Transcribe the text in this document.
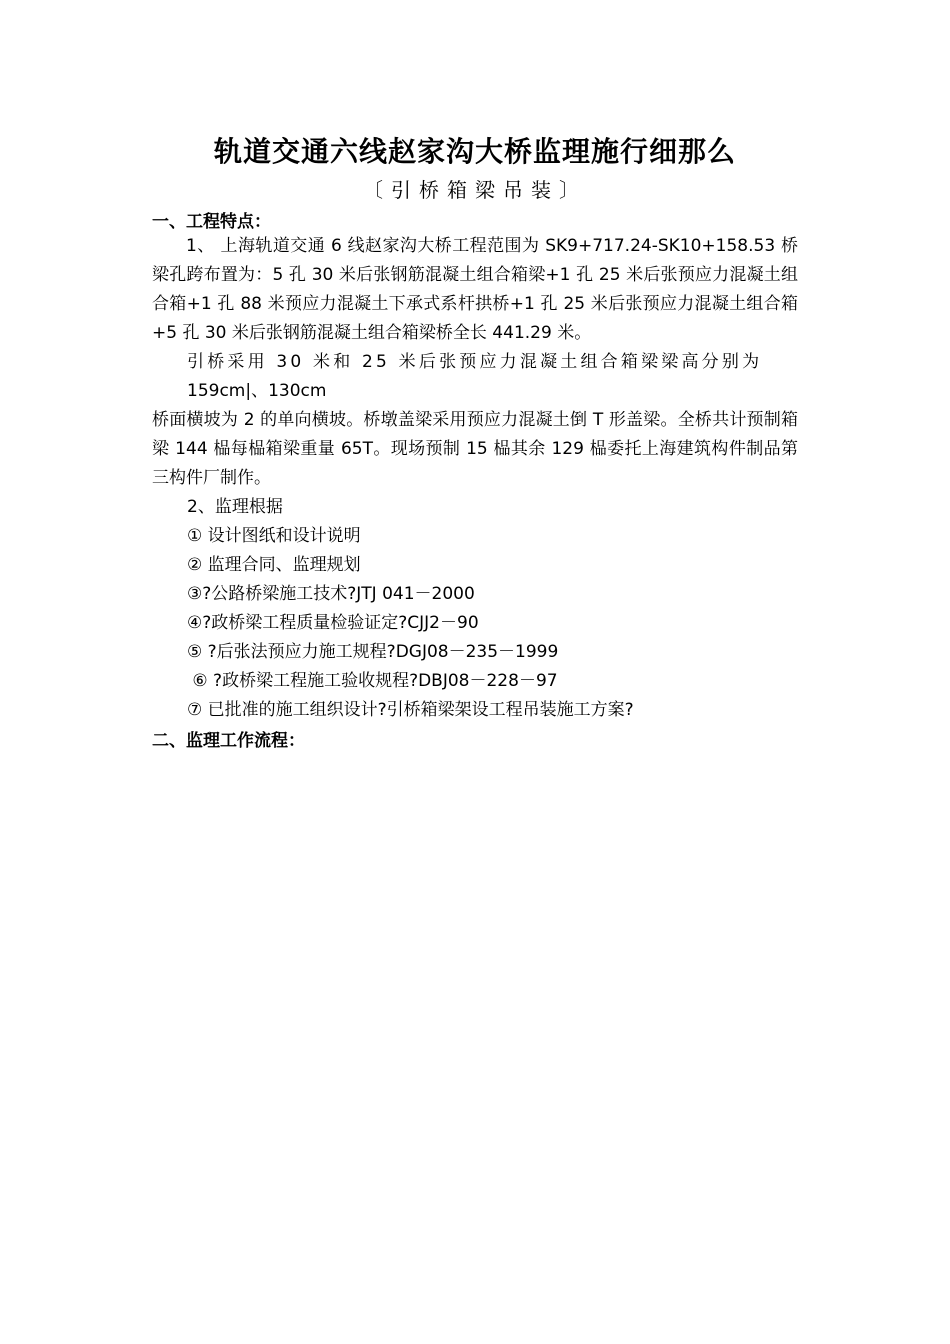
轨道交通六线赵家沟大桥监理施行细那么
〔引桥箱梁吊装〕
一、工程特点：
1、 上海轨道交通 6 线赵家沟大桥工程范围为 SK9+717.24-SK10+158.53 桥梁孔跨布置为：5 孔 30 米后张钢筋混凝土组合箱梁+1 孔 25 米后张预应力混凝土组合箱+1 孔 88 米预应力混凝土下承式系杆拱桥+1 孔 25 米后张预应力混凝土组合箱+5 孔 30 米后张钢筋混凝土组合箱梁桥全长 441.29 米。
引桥采用 30 米和 25 米后张预应力混凝土组合箱梁梁高分别为
159cm|、130cm
桥面横坡为 2 的单向横坡。桥墩盖梁采用预应力混凝土倒 T 形盖梁。全桥共计预制箱梁 144 榀每榀箱梁重量 65T。现场预制 15 榀其余 129 榀委托上海建筑构件制品第三构件厂制作。
2、监理根据
① 设计图纸和设计说明
② 监理合同、监理规划
③?公路桥梁施工技术?JTJ 041－2000
④?政桥梁工程质量检验证定?CJJ2－90
⑤ ?后张法预应力施工规程?DGJ08－235－1999
⑥ ?政桥梁工程施工验收规程?DBJ08－228－97
⑦ 已批准的施工组织设计?引桥箱梁架设工程吊装施工方案?
二、监理工作流程：
